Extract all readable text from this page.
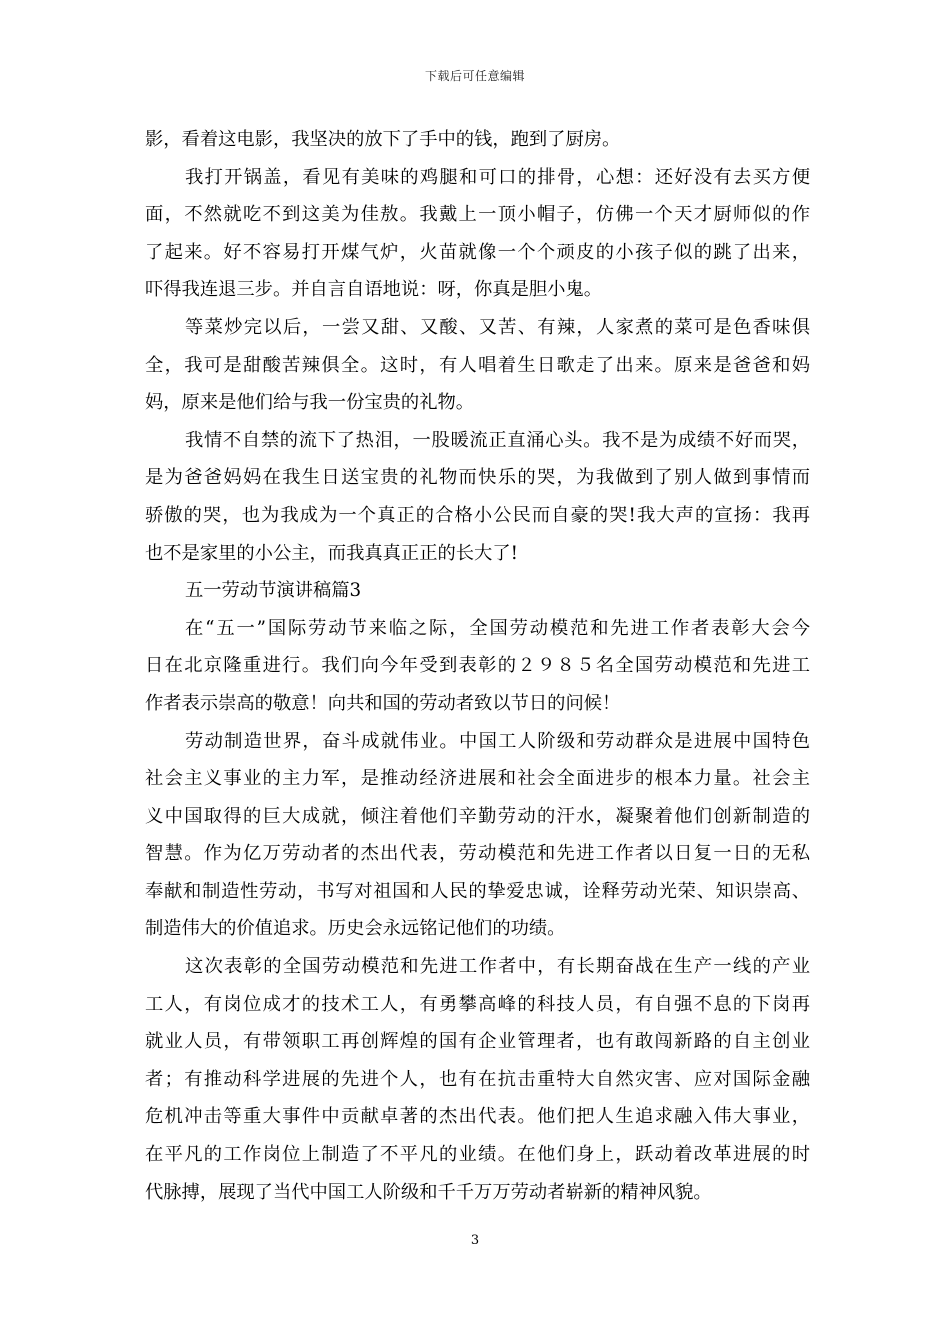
下载后可任意编辑
影，看着这电影，我坚决的放下了手中的钱，跑到了厨房。
我打开锅盖，看见有美味的鸡腿和可口的排骨，心想：还好没有去买方便
面，不然就吃不到这美为佳敖。我戴上一顶小帽子，仿佛一个天才厨师似的作
了起来。好不容易打开煤气炉，火苗就像一个个顽皮的小孩子似的跳了出来，
吓得我连退三步。并自言自语地说：呀，你真是胆小鬼。
等菜炒完以后，一尝又甜、又酸、又苦、有辣，人家煮的菜可是色香味俱
全，我可是甜酸苦辣俱全。这时，有人唱着生日歌走了出来。原来是爸爸和妈
妈，原来是他们给与我一份宝贵的礼物。
我情不自禁的流下了热泪，一股暖流正直涌心头。我不是为成绩不好而哭，
是为爸爸妈妈在我生日送宝贵的礼物而快乐的哭，为我做到了别人做到事情而
骄傲的哭，也为我成为一个真正的合格小公民而自豪的哭!我大声的宣扬：我再
也不是家里的小公主，而我真真正正的长大了!
五一劳动节演讲稿篇3
在“五一”国际劳动节来临之际，全国劳动模范和先进工作者表彰大会今
日在北京隆重进行。我们向今年受到表彰的２９８５名全国劳动模范和先进工
作者表示崇高的敬意！向共和国的劳动者致以节日的问候！
劳动制造世界，奋斗成就伟业。中国工人阶级和劳动群众是进展中国特色
社会主义事业的主力军，是推动经济进展和社会全面进步的根本力量。社会主
义中国取得的巨大成就，倾注着他们辛勤劳动的汗水，凝聚着他们创新制造的
智慧。作为亿万劳动者的杰出代表，劳动模范和先进工作者以日复一日的无私
奉献和制造性劳动，书写对祖国和人民的挚爱忠诚，诠释劳动光荣、知识崇高、
制造伟大的价值追求。历史会永远铭记他们的功绩。
这次表彰的全国劳动模范和先进工作者中，有长期奋战在生产一线的产业
工人，有岗位成才的技术工人，有勇攀高峰的科技人员，有自强不息的下岗再
就业人员，有带领职工再创辉煌的国有企业管理者，也有敢闯新路的自主创业
者；有推动科学进展的先进个人，也有在抗击重特大自然灾害、应对国际金融
危机冲击等重大事件中贡献卓著的杰出代表。他们把人生追求融入伟大事业，
在平凡的工作岗位上制造了不平凡的业绩。在他们身上，跃动着改革进展的时
代脉搏，展现了当代中国工人阶级和千千万万劳动者崭新的精神风貌。
3
